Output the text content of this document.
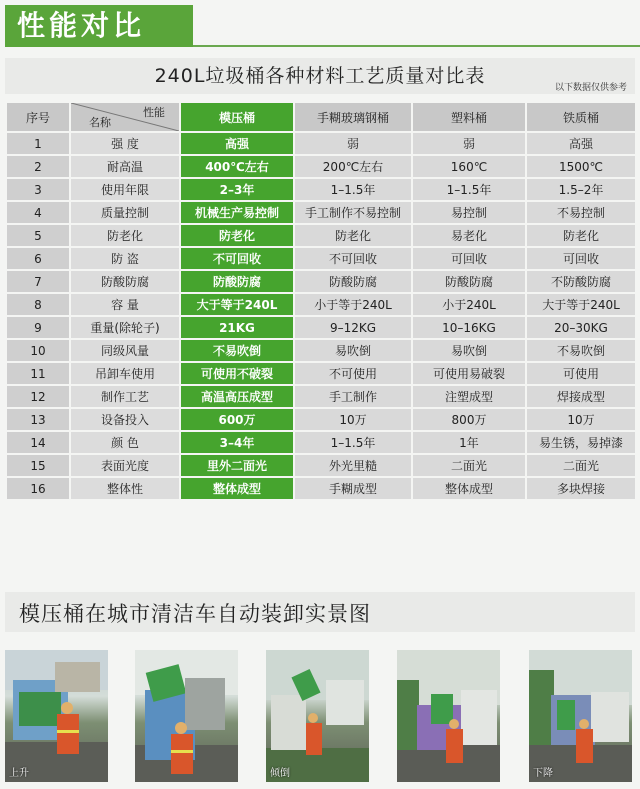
性能对比
240L垃圾桶各种材料工艺质量对比表
以下数据仅供参考
序号	性能
名称	模压桶	手糊玻璃钢桶	塑料桶	铁质桶
1	强 度	高强	弱	弱	高强
2	耐高温	400℃左右	200℃左右	160℃	1500℃
3	使用年限	2–3年	1–1.5年	1–1.5年	1.5–2年
4	质量控制	机械生产易控制	手工制作不易控制	易控制	不易控制
5	防老化	防老化	防老化	易老化	防老化
6	防 盗	不可回收	不可回收	可回收	可回收
7	防酸防腐	防酸防腐	防酸防腐	防酸防腐	不防酸防腐
8	容 量	大于等于240L	小于等于240L	小于240L	大于等于240L
9	重量(除轮子)	21KG	9–12KG	10–16KG	20–30KG
10	同级风量	不易吹倒	易吹倒	易吹倒	不易吹倒
11	吊卸车使用	可使用不破裂	不可使用	可使用易破裂	可使用
12	制作工艺	高温高压成型	手工制作	注塑成型	焊接成型
13	设备投入	600万	10万	800万	10万
14	颜 色	3–4年	1–1.5年	1年	易生锈，易掉漆
15	表面光度	里外二面光	外光里糙	二面光	二面光
16	整体性	整体成型	手糊成型	整体成型	多块焊接
模压桶在城市清洁车自动装卸实景图
上升	倾倒	下降
